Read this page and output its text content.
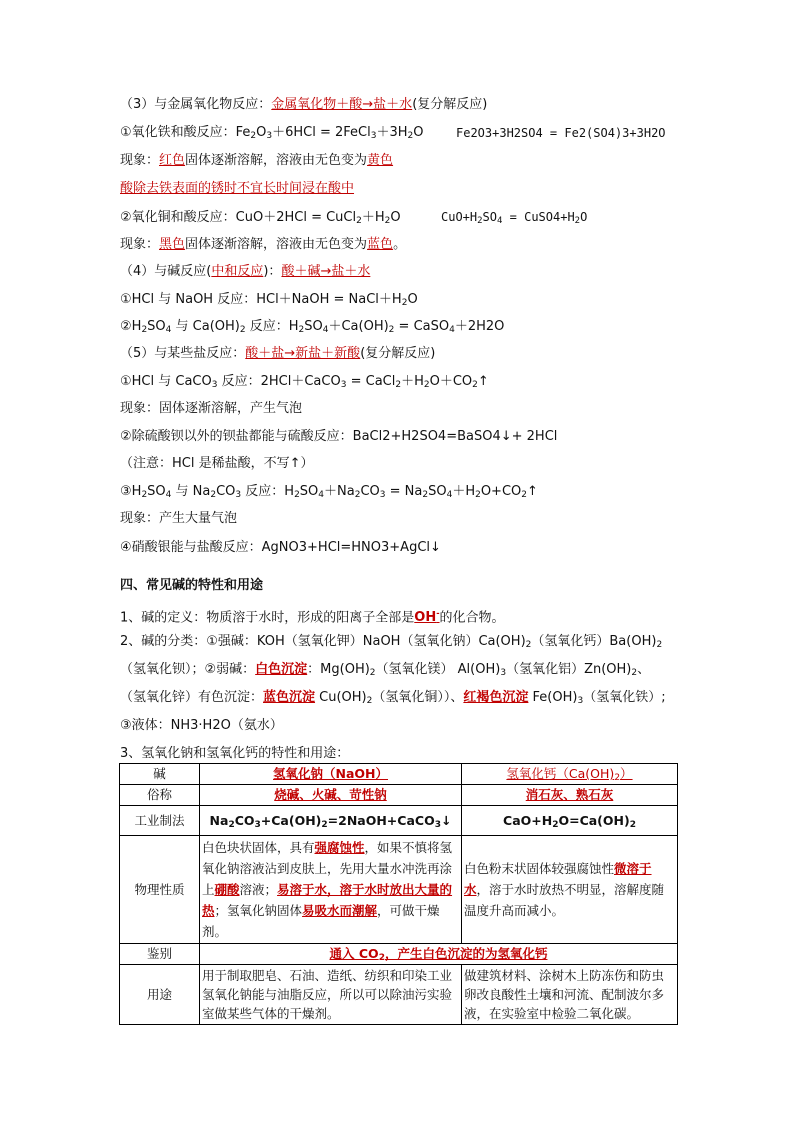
（3）与金属氧化物反应：金属氧化物＋酸→盐＋水(复分解反应)
①氧化铁和酸反应：$Fe_2O_3+6HCl$ = $2FeCl_3+3H_2O$	Fe2O3+3H2SO4 = Fe2(SO4)3+3H2O
现象：红色固体逐渐溶解，溶液由无色变为黄色
酸除去铁表面的锈时不宜长时间浸在酸中
②氧化铜和酸反应：$CuO+2HCl = CuCl_2+H_2O$	$CuO+H_2SO_4$ = $CuSO4+H_2O$
现象：黑色固体逐渐溶解，溶液由无色变为蓝色。
（4）与碱反应(中和反应)：酸＋碱→盐＋水
①HCl 与 NaOH 反应：HCl＋NaOH = $NaCl+H_2O$
$②H_2SO_4$ 与 $Ca(OH)_2$ 反应：$H_2SO_4+Ca(OH)_2$ = CaSO$_4$＋2H2O
（5）与某些盐反应：酸＋盐→新盐＋新酸(复分解反应)
①HCl 与 CaCO$_3$ 反应：2HCl＋CaCO$_3$ = $CaCl_2+H_2O+CO_2↑$
现象：固体逐渐溶解，产生气泡
②除硫酸钡以外的钡盐都能与硫酸反应：BaCl2+H2SO4=BaSO4↓+ 2HCl
（注意：HCl 是稀盐酸，不写↑）
$③H_2SO_4$ 与 $Na_2CO_3$ 反应：$H_2SO_4+Na_2CO_3$ = $Na_2SO_4+H_2O+CO_2↑$
现象：产生大量气泡
④硝酸银能与盐酸反应：AgNO3+HCl=HNO3+AgCl↓
四、常见碱的特性和用途
1、碱的定义：物质溶于水时，形成的阳离子全部是OH-的化合物。
2、碱的分类：①强碱：KOH（氢氧化钾）NaOH（氢氧化钠）$Ca(OH)_2$（氢氧化钙）$Ba(OH)_2$
（氢氧化钡）；②弱碱：白色沉淀：$Mg(OH)_2$（氢氧化镁） $Al(OH)_3$（氢氧化铝）$Zn(OH)_2$、
（氢氧化锌）有色沉淀：蓝色沉淀 $Cu(OH)_2$（氢氧化铜））、红褐色沉淀 $Fe(OH)_3$（氢氧化铁）;
③液体：NH3·H2O（氨水）
3、氢氧化钠和氢氧化钙的特性和用途：
碱	氢氧化钠（NaOH）	氢氧化钙$(Ca(OH)_2)$
俗称	烧碱、火碱、苛性钠	消石灰、熟石灰
工业制法	$Na_2CO_3+Ca(OH)_2=2NaOH+CaCO_3↓$	$CaO+H_2O=Ca(OH)_2$
物理性质	白色块状固体，具有强腐蚀性，如果不慎将氢氧化钠溶液沾到皮肤上，先用大量水冲洗再涂上硼酸溶液；易溶于水，溶于水时放出大量的热；氢氧化钠固体易吸水而潮解，可做干燥剂。	白色粉末状固体较强腐蚀性微溶于水，溶于水时放热不明显，溶解度随温度升高而减小。
鉴别	通入 $CO_2$，产生白色沉淀的为氢氧化钙	
用途	用于制取肥皂、石油、造纸、纺织和印染工业氢氧化钠能与油脂反应，所以可以除油污实验室做某些气体的干燥剂。	做建筑材料、涂树木上防冻伤和防虫卵改良酸性土壤和河流、配制波尔多液，在实验室中检验二氧化碳。
